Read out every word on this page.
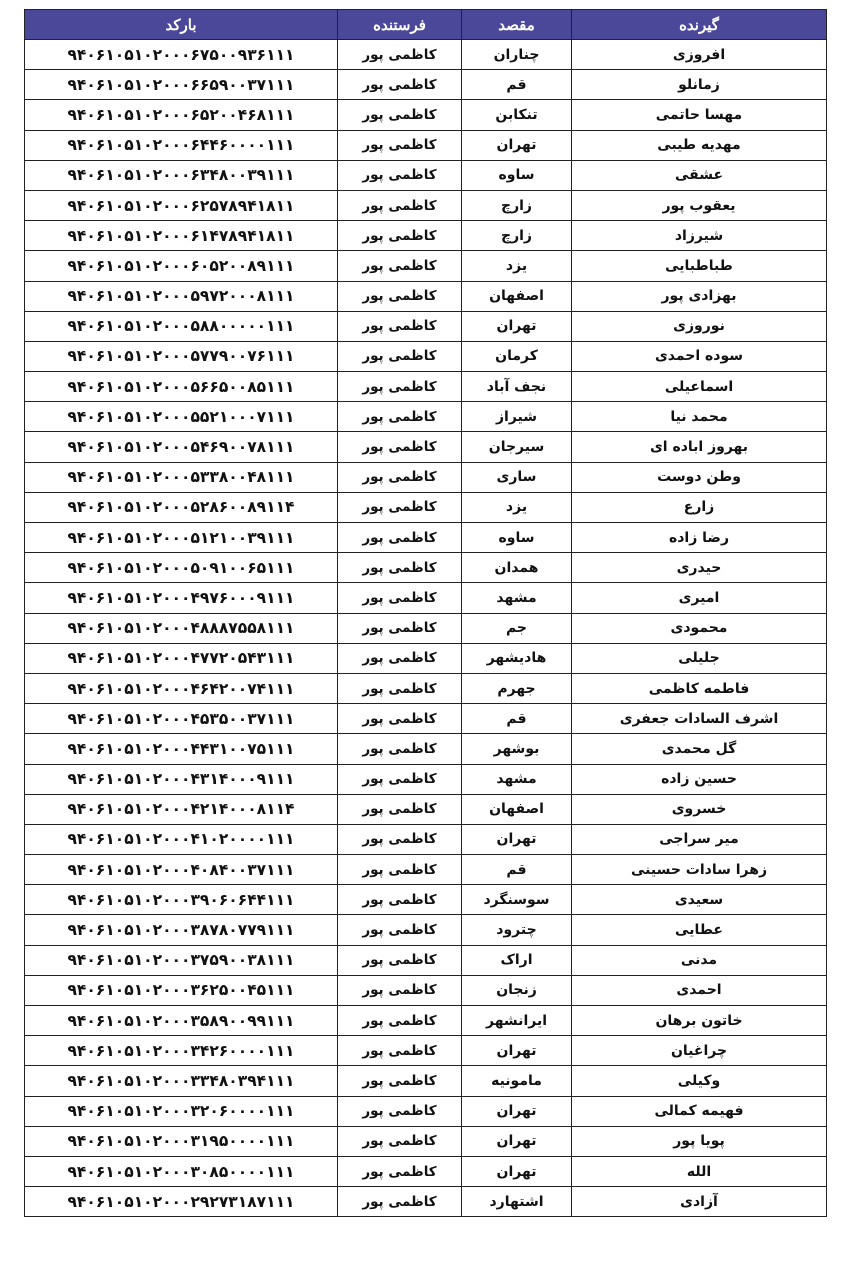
بارکد	فرستنده	مقصد	گیرنده
۹۴۰۶۱۰۵۱۰۲۰۰۰۶۷۵۰۰۹۳۶۱۱۱	کاظمی پور	چناران	افروزی
۹۴۰۶۱۰۵۱۰۲۰۰۰۶۶۵۹۰۰۳۷۱۱۱	کاظمی پور	قم	زمانلو
۹۴۰۶۱۰۵۱۰۲۰۰۰۶۵۲۰۰۴۶۸۱۱۱	کاظمی پور	تنکابن	مهسا حاتمی
۹۴۰۶۱۰۵۱۰۲۰۰۰۶۴۴۶۰۰۰۰۱۱۱	کاظمی پور	تهران	مهدیه طیبی
۹۴۰۶۱۰۵۱۰۲۰۰۰۶۳۴۸۰۰۳۹۱۱۱	کاظمی پور	ساوه	عشقی
۹۴۰۶۱۰۵۱۰۲۰۰۰۶۲۵۷۸۹۴۱۸۱۱	کاظمی پور	زارچ	یعقوب پور
۹۴۰۶۱۰۵۱۰۲۰۰۰۶۱۴۷۸۹۴۱۸۱۱	کاظمی پور	زارچ	شیرزاد
۹۴۰۶۱۰۵۱۰۲۰۰۰۶۰۵۲۰۰۸۹۱۱۱	کاظمی پور	یزد	طباطبایی
۹۴۰۶۱۰۵۱۰۲۰۰۰۵۹۷۲۰۰۰۸۱۱۱	کاظمی پور	اصفهان	بهزادی پور
۹۴۰۶۱۰۵۱۰۲۰۰۰۵۸۸۰۰۰۰۰۱۱۱	کاظمی پور	تهران	نوروزی
۹۴۰۶۱۰۵۱۰۲۰۰۰۵۷۷۹۰۰۷۶۱۱۱	کاظمی پور	کرمان	سوده احمدی
۹۴۰۶۱۰۵۱۰۲۰۰۰۵۶۶۵۰۰۸۵۱۱۱	کاظمی پور	نجف آباد	اسماعیلی
۹۴۰۶۱۰۵۱۰۲۰۰۰۵۵۲۱۰۰۰۷۱۱۱	کاظمی پور	شیراز	محمد نیا
۹۴۰۶۱۰۵۱۰۲۰۰۰۵۴۶۹۰۰۷۸۱۱۱	کاظمی پور	سیرجان	بهروز اباده ای
۹۴۰۶۱۰۵۱۰۲۰۰۰۵۳۳۸۰۰۴۸۱۱۱	کاظمی پور	ساری	وطن دوست
۹۴۰۶۱۰۵۱۰۲۰۰۰۵۲۸۶۰۰۸۹۱۱۴	کاظمی پور	یزد	زارع
۹۴۰۶۱۰۵۱۰۲۰۰۰۵۱۲۱۰۰۳۹۱۱۱	کاظمی پور	ساوه	رضا زاده
۹۴۰۶۱۰۵۱۰۲۰۰۰۵۰۹۱۰۰۶۵۱۱۱	کاظمی پور	همدان	حیدری
۹۴۰۶۱۰۵۱۰۲۰۰۰۴۹۷۶۰۰۰۹۱۱۱	کاظمی پور	مشهد	امیری
۹۴۰۶۱۰۵۱۰۲۰۰۰۴۸۸۸۷۵۵۸۱۱۱	کاظمی پور	جم	محمودی
۹۴۰۶۱۰۵۱۰۲۰۰۰۴۷۷۲۰۵۴۳۱۱۱	کاظمی پور	هادیشهر	جلیلی
۹۴۰۶۱۰۵۱۰۲۰۰۰۴۶۴۲۰۰۷۴۱۱۱	کاظمی پور	جهرم	فاطمه کاظمی
۹۴۰۶۱۰۵۱۰۲۰۰۰۴۵۳۵۰۰۳۷۱۱۱	کاظمی پور	قم	اشرف السادات جعفری
۹۴۰۶۱۰۵۱۰۲۰۰۰۴۴۳۱۰۰۷۵۱۱۱	کاظمی پور	بوشهر	گل محمدی
۹۴۰۶۱۰۵۱۰۲۰۰۰۴۳۱۴۰۰۰۹۱۱۱	کاظمی پور	مشهد	حسین زاده
۹۴۰۶۱۰۵۱۰۲۰۰۰۴۲۱۴۰۰۰۸۱۱۴	کاظمی پور	اصفهان	خسروی
۹۴۰۶۱۰۵۱۰۲۰۰۰۴۱۰۲۰۰۰۰۱۱۱	کاظمی پور	تهران	میر سراجی
۹۴۰۶۱۰۵۱۰۲۰۰۰۴۰۸۴۰۰۳۷۱۱۱	کاظمی پور	قم	زهرا سادات حسینی
۹۴۰۶۱۰۵۱۰۲۰۰۰۳۹۰۶۰۶۴۴۱۱۱	کاظمی پور	سوسنگرد	سعیدی
۹۴۰۶۱۰۵۱۰۲۰۰۰۳۸۷۸۰۷۷۹۱۱۱	کاظمی پور	چترود	عطایی
۹۴۰۶۱۰۵۱۰۲۰۰۰۳۷۵۹۰۰۳۸۱۱۱	کاظمی پور	اراک	مدنی
۹۴۰۶۱۰۵۱۰۲۰۰۰۳۶۲۵۰۰۴۵۱۱۱	کاظمی پور	زنجان	احمدی
۹۴۰۶۱۰۵۱۰۲۰۰۰۳۵۸۹۰۰۹۹۱۱۱	کاظمی پور	ایرانشهر	خاتون برهان
۹۴۰۶۱۰۵۱۰۲۰۰۰۳۴۲۶۰۰۰۰۱۱۱	کاظمی پور	تهران	چراغیان
۹۴۰۶۱۰۵۱۰۲۰۰۰۳۳۴۸۰۳۹۴۱۱۱	کاظمی پور	مامونیه	وکیلی
۹۴۰۶۱۰۵۱۰۲۰۰۰۳۲۰۶۰۰۰۰۱۱۱	کاظمی پور	تهران	فهیمه کمالی
۹۴۰۶۱۰۵۱۰۲۰۰۰۳۱۹۵۰۰۰۰۱۱۱	کاظمی پور	تهران	پویا پور
۹۴۰۶۱۰۵۱۰۲۰۰۰۳۰۸۵۰۰۰۰۱۱۱	کاظمی پور	تهران	الله
۹۴۰۶۱۰۵۱۰۲۰۰۰۲۹۲۷۳۱۸۷۱۱۱	کاظمی پور	اشتهارد	آزادی
